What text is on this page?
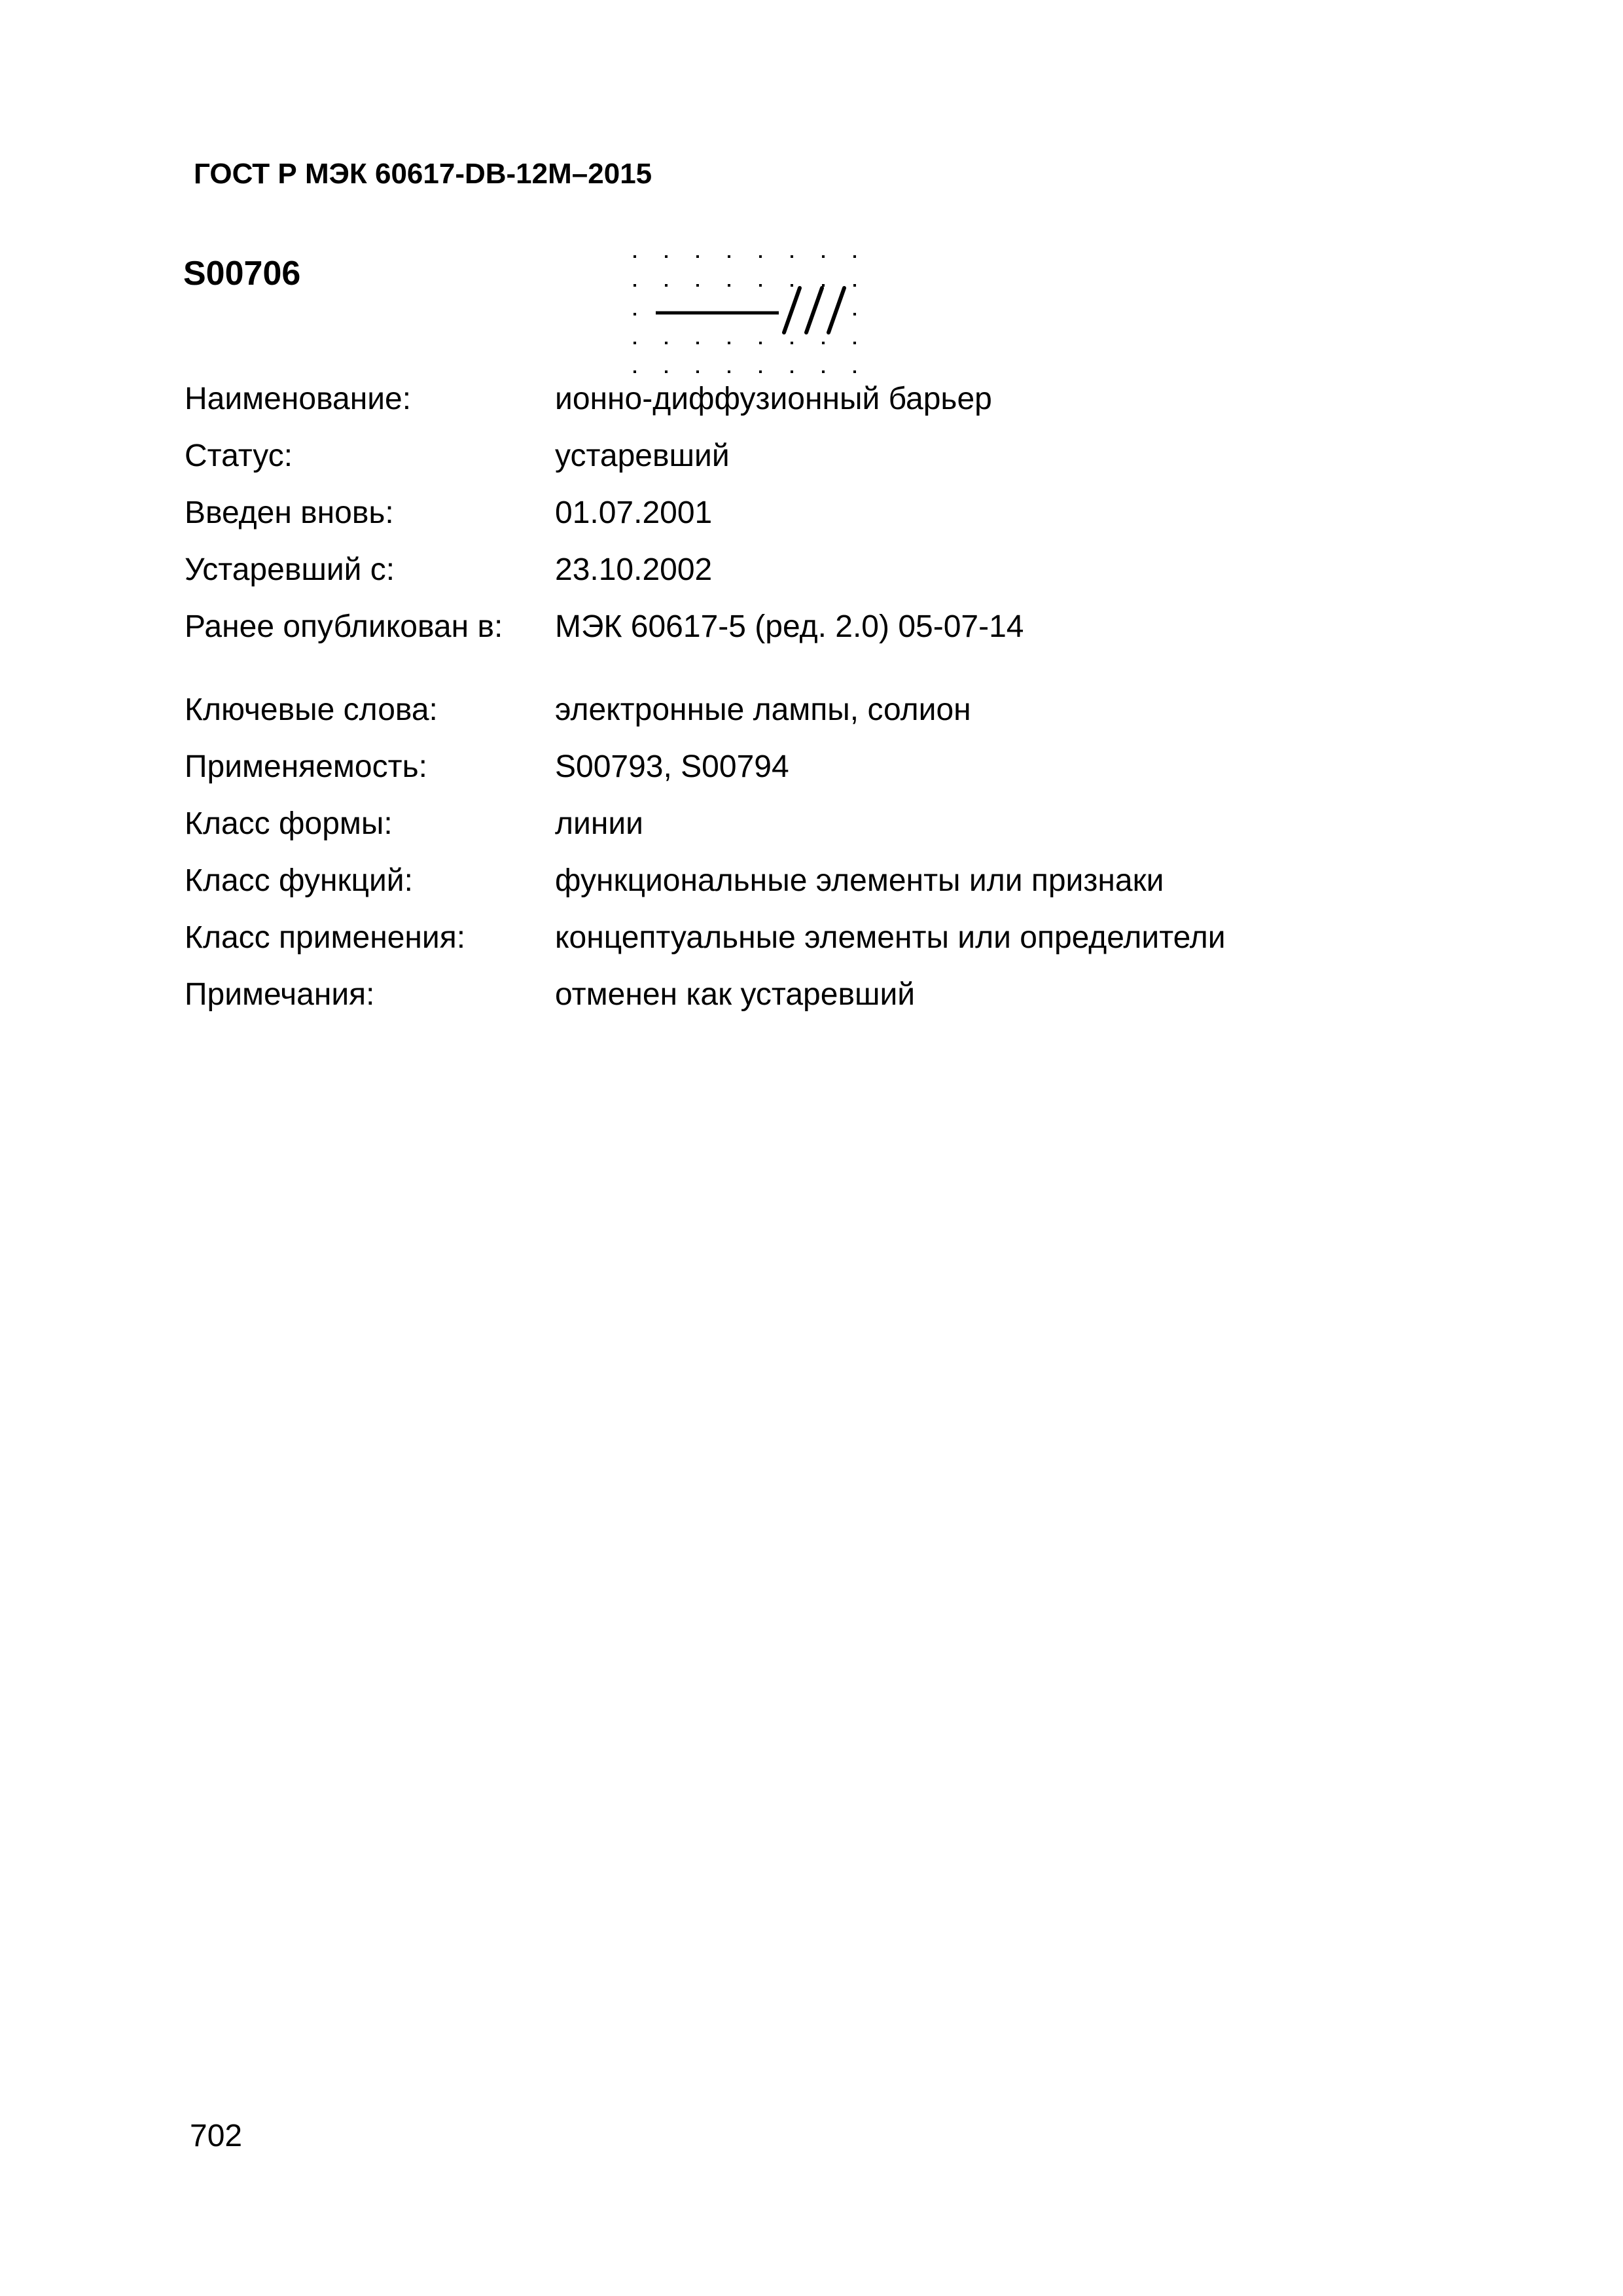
ГОСТ Р МЭК 60617-DB-12M–2015
S00706
Наименование:	ионно-диффузионный барьер
Статус:	устаревший
Введен вновь:	01.07.2001
Устаревший с:	23.10.2002
Ранее опубликован в: МЭК 60617-5 (ред. 2.0) 05-07-14
Ключевые слова:	электронные лампы, солион
Применяемость:	S00793, S00794
Класс формы:	линии
Класс функций:	функциональные элементы или признаки
Класс применения:	концептуальные элементы или определители
Примечания:	отменен как устаревший
702
